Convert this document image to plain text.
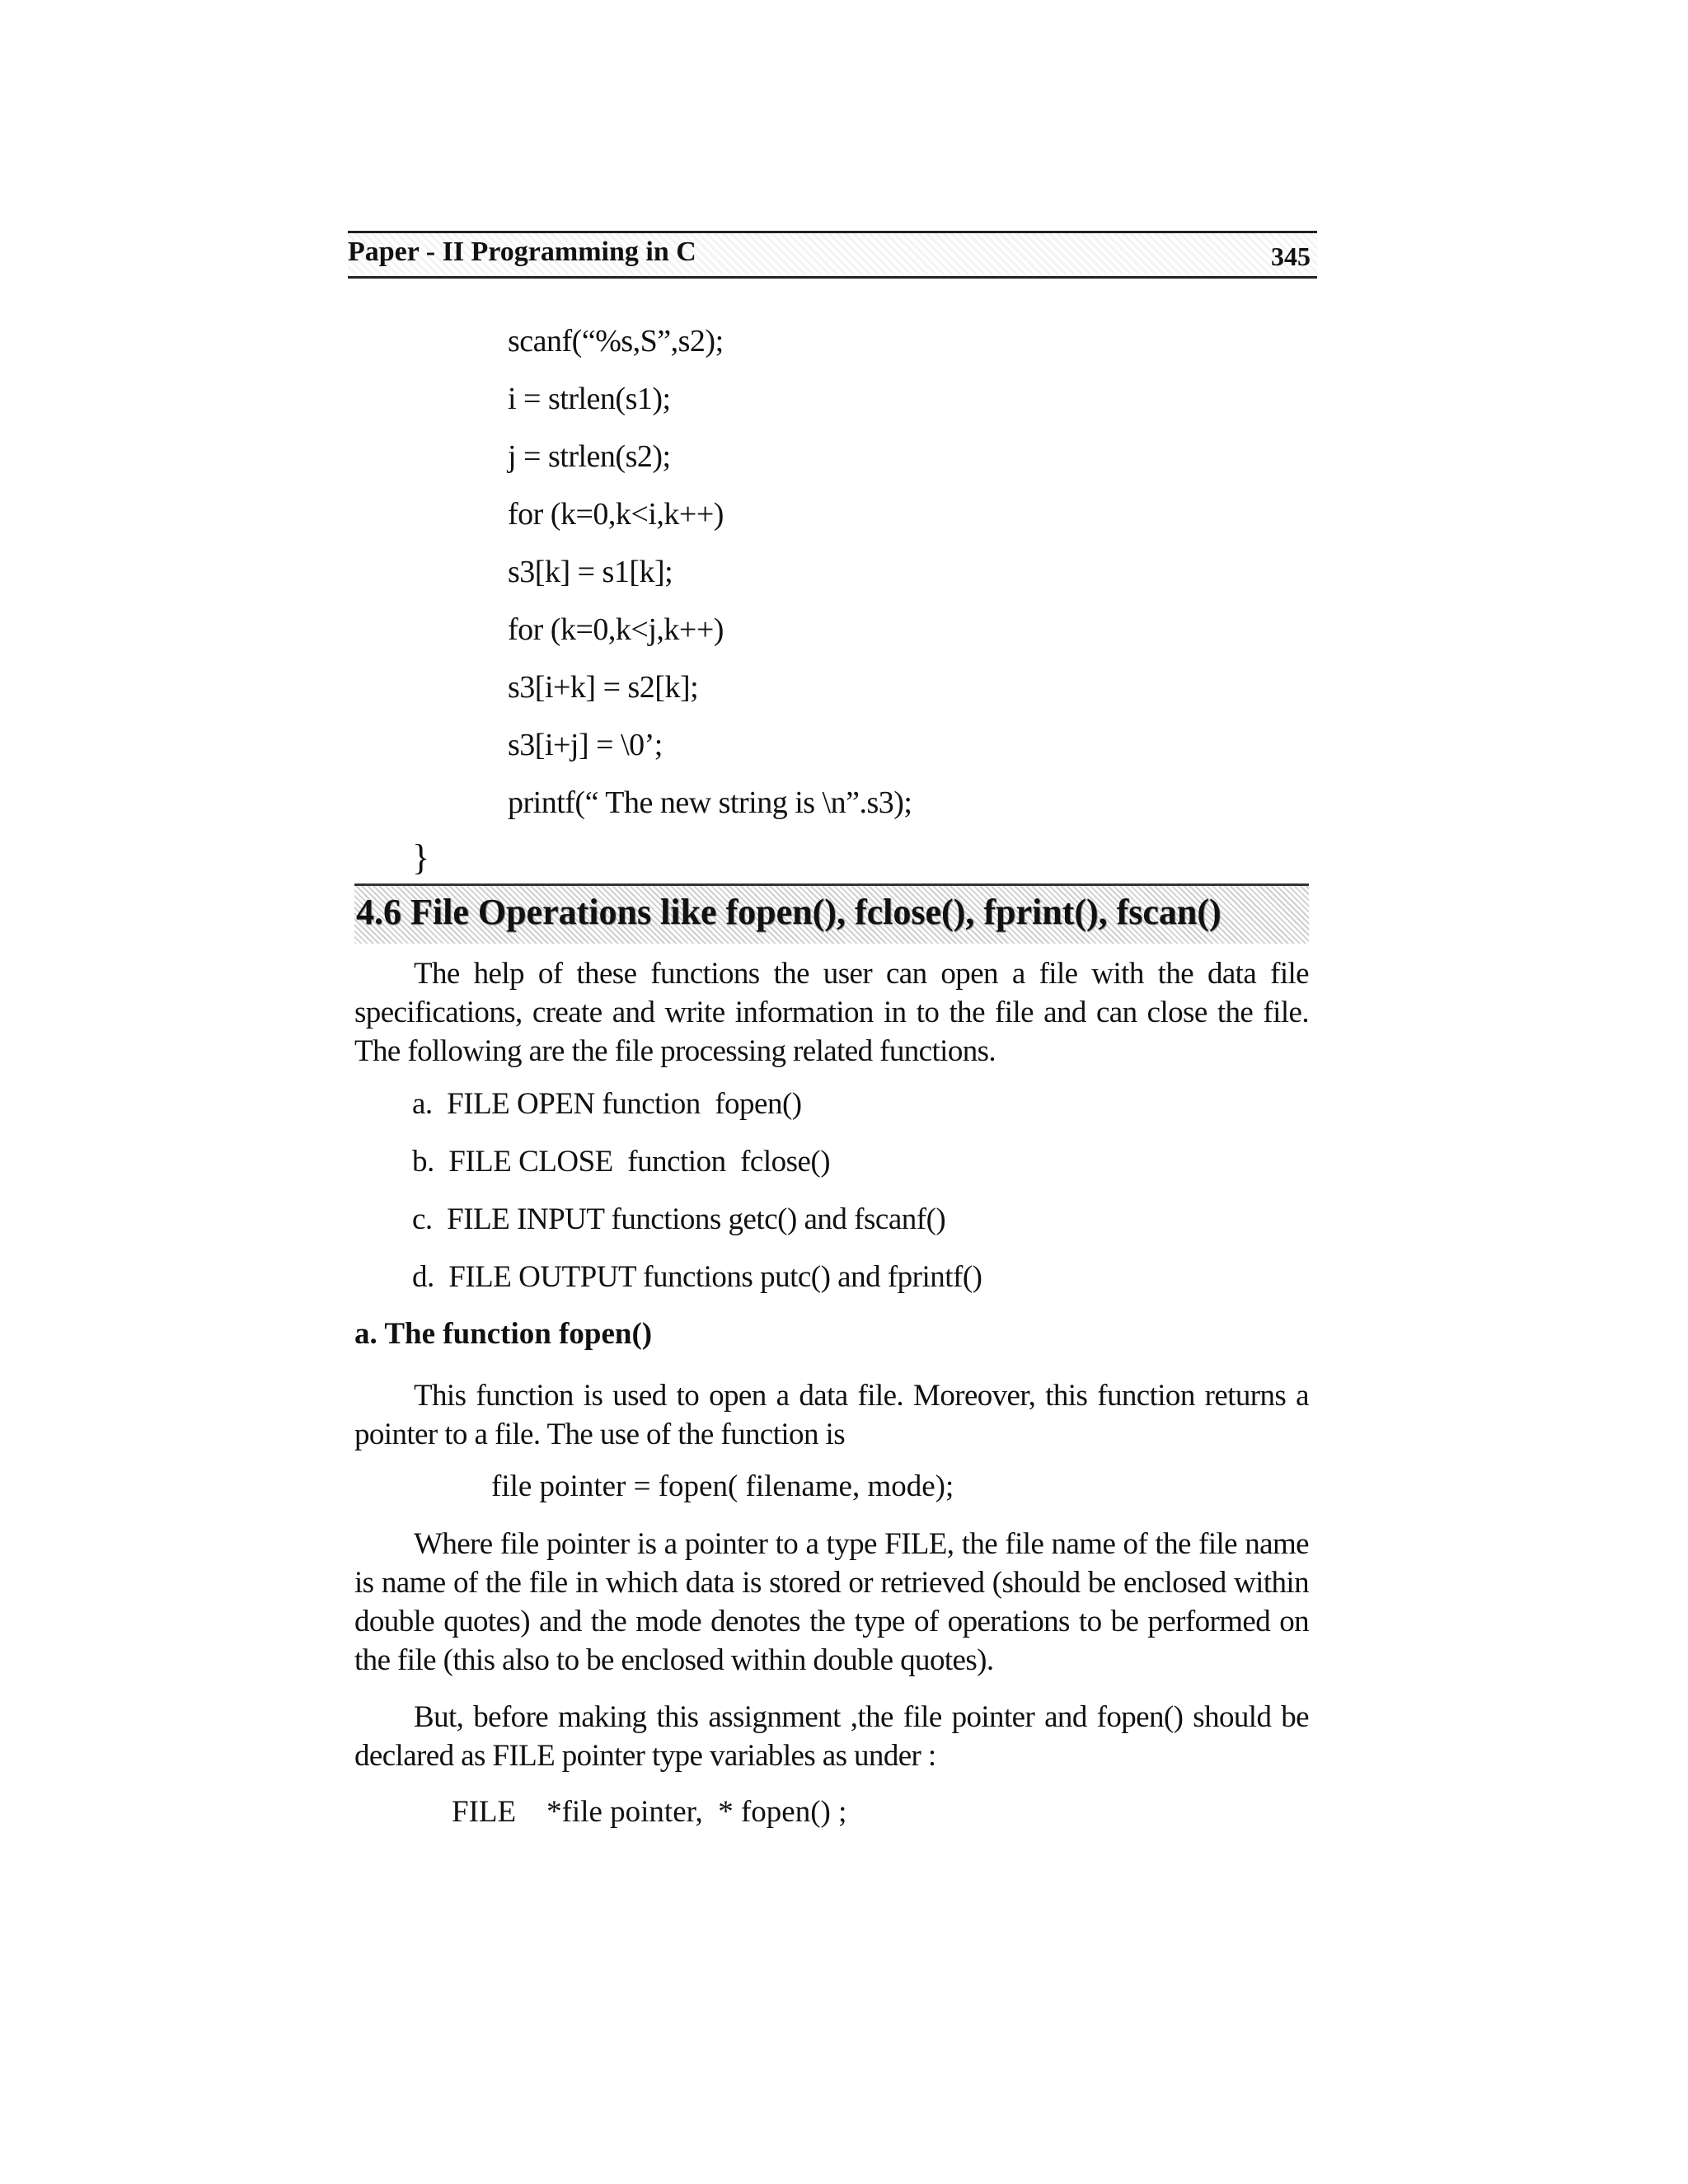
Paper - II Programming in C	345
scanf(“%s,S”,s2);
i = strlen(s1);
j = strlen(s2);
for (k=0,k<i,k++)
s3[k] = s1[k];
for (k=0,k<j,k++)
s3[i+k] = s2[k];
s3[i+j] = \0’;
printf(“ The new string is \n”.s3);
}
4.6 File Operations like fopen(), fclose(), fprint(), fscan()

The help of these functions the user can open a file with the data file specifications, create and write information in to the file and can close the file. The following are the file processing related functions.

a.  FILE OPEN function  fopen()
b.  FILE CLOSE  function  fclose()
c.  FILE INPUT functions getc() and fscanf()
d.  FILE OUTPUT functions putc() and fprintf()
a. The function fopen()

This function is used to open a data file. Moreover, this function returns a pointer to a file. The use of the function is

file pointer = fopen( filename, mode);

Where file pointer is a pointer to a type FILE, the file name of the file name is name of the file in which data is stored or retrieved (should be enclosed within double quotes) and the mode denotes the type of operations to be performed on the file (this also to be enclosed within double quotes).

But, before making this assignment ,the file pointer and fopen() should be declared as FILE pointer type variables as under :

FILE    *file pointer,  * fopen() ;
